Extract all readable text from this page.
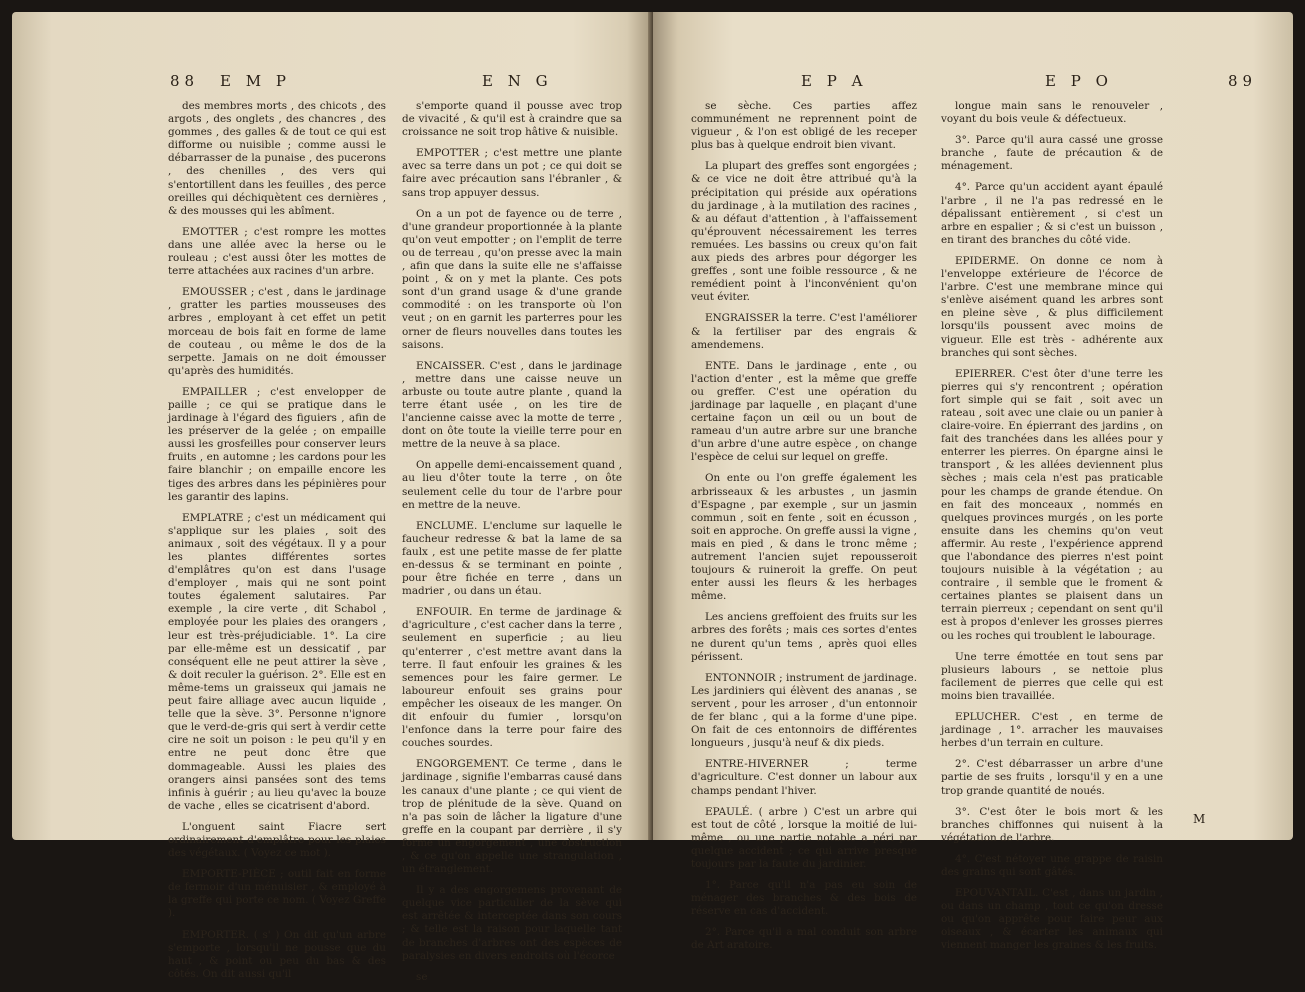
88 E M P	E N G

des membres morts , des chicots , des argots , des onglets , des chancres , des gommes , des galles & de tout ce qui est difforme ou nuisible ; comme aussi le débarrasser de la punaise , des pucerons , des chenilles , des vers qui s'entortillent dans les feuilles , des perce oreilles qui déchiquètent ces dernières , & des mousses qui les abîment.

EMOTTER ; c'est rompre les mottes dans une allée avec la herse ou le rouleau ; c'est aussi ôter les mottes de terre attachées aux racines d'un arbre.

EMOUSSER ; c'est , dans le jardinage , gratter les parties mousseuses des arbres , employant à cet effet un petit morceau de bois fait en forme de lame de couteau , ou même le dos de la serpette. Jamais on ne doit émousser qu'après des humidités.

EMPAILLER ; c'est envelopper de paille ; ce qui se pratique dans le jardinage à l'égard des figuiers , afin de les préserver de la gelée ; on empaille aussi les grosfeilles pour conserver leurs fruits , en automne ; les cardons pour les faire blanchir ; on empaille encore les tiges des arbres dans les pépinières pour les garantir des lapins.

EMPLATRE ; c'est un médicament qui s'applique sur les plaies , soit des animaux , soit des végétaux. Il y a pour les plantes différentes sortes d'emplâtres qu'on est dans l'usage d'employer , mais qui ne sont point toutes également salutaires. Par exemple , la cire verte , dit Schabol , employée pour les plaies des orangers , leur est très-préjudiciable. 1°. La cire par elle-même est un dessicatif , par conséquent elle ne peut attirer la sève , & doit reculer la guérison. 2°. Elle est en même-tems un graisseux qui jamais ne peut faire alliage avec aucun liquide , telle que la sève. 3°. Personne n'ignore que le verd-de-gris qui sert à verdir cette cire ne soit un poison : le peu qu'il y en entre ne peut donc être que dommageable. Aussi les plaies des orangers ainsi pansées sont des tems infinis à guérir ; au lieu qu'avec la bouze de vache , elles se cicatrisent d'abord.

L'onguent saint Fiacre sert ordinairement d'emplâtre pour les plaies des végétaux. ( Voyez ce mot ).

EMPORTE-PIÈCE ; outil fait en forme de fermoir d'un ménuisier , & employé à la greffe qui porte ce nom. ( Voyez Greffe ).

EMPORTER. ( s' ) On dit qu'un arbre s'emporte , lorsqu'il ne pousse que du haut , & point ou peu du bas & des côtés. On dit aussi qu'il

s'emporte quand il pousse avec trop de vivacité , & qu'il est à craindre que sa croissance ne soit trop hâtive & nuisible.

EMPOTTER ; c'est mettre une plante avec sa terre dans un pot ; ce qui doit se faire avec précaution sans l'ébranler , & sans trop appuyer dessus.

On a un pot de fayence ou de terre , d'une grandeur proportionnée à la plante qu'on veut empotter ; on l'emplit de terre ou de terreau , qu'on presse avec la main , afin que dans la suite elle ne s'affaisse point , & on y met la plante. Ces pots sont d'un grand usage & d'une grande commodité : on les transporte où l'on veut ; on en garnit les parterres pour les orner de fleurs nouvelles dans toutes les saisons.

ENCAISSER. C'est , dans le jardinage , mettre dans une caisse neuve un arbuste ou toute autre plante , quand la terre étant usée , on les tire de l'ancienne caisse avec la motte de terre , dont on ôte toute la vieille terre pour en mettre de la neuve à sa place.

On appelle demi-encaissement quand , au lieu d'ôter toute la terre , on ôte seulement celle du tour de l'arbre pour en mettre de la neuve.

ENCLUME. L'enclume sur laquelle le faucheur redresse & bat la lame de sa faulx , est une petite masse de fer platte en-dessus & se terminant en pointe , pour être fichée en terre , dans un madrier , ou dans un étau.

ENFOUIR. En terme de jardinage & d'agriculture , c'est cacher dans la terre , seulement en superficie ; au lieu qu'enterrer , c'est mettre avant dans la terre. Il faut enfouir les graines & les semences pour les faire germer. Le laboureur enfouit ses grains pour empêcher les oiseaux de les manger. On dit enfouir du fumier , lorsqu'on l'enfonce dans la terre pour faire des couches sourdes.

ENGORGEMENT. Ce terme , dans le jardinage , signifie l'embarras causé dans les canaux d'une plante ; ce qui vient de trop de plénitude de la sève. Quand on n'a pas soin de lâcher la ligature d'une greffe en la coupant par derrière , il s'y forme un engorgement , une obstruction , & ce qu'on appelle une strangulation , un étranglement.

Il y a des engorgemens provenant de quelque vice particulier de la sève qui est arrêtée & interceptée dans son cours ; & telle est la raison pour laquelle tant de branches d'arbres ont des espèces de paralysies en divers endroits où l'écorce

se

E P A	E P O	89

se sèche. Ces parties affez communément ne reprennent point de vigueur , & l'on est obligé de les receper plus bas à quelque endroit bien vivant.

La plupart des greffes sont engorgées ; & ce vice ne doit être attribué qu'à la précipitation qui préside aux opérations du jardinage , à la mutilation des racines , & au défaut d'attention , à l'affaissement qu'éprouvent nécessairement les terres remuées. Les bassins ou creux qu'on fait aux pieds des arbres pour dégorger les greffes , sont une foible ressource , & ne remédient point à l'inconvénient qu'on veut éviter.

ENGRAISSER la terre. C'est l'améliorer & la fertiliser par des engrais & amendemens.

ENTE. Dans le jardinage , ente , ou l'action d'enter , est la même que greffe ou greffer. C'est une opération du jardinage par laquelle , en plaçant d'une certaine façon un œil ou un bout de rameau d'un autre arbre sur une branche d'un arbre d'une autre espèce , on change l'espèce de celui sur lequel on greffe.

On ente ou l'on greffe également les arbrisseaux & les arbustes , un jasmin d'Espagne , par exemple , sur un jasmin commun , soit en fente , soit en écusson , soit en approche. On greffe aussi la vigne , mais en pied , & dans le tronc même ; autrement l'ancien sujet repousseroit toujours & ruineroit la greffe. On peut enter aussi les fleurs & les herbages même.

Les anciens greffoient des fruits sur les arbres des forêts ; mais ces sortes d'entes ne durent qu'un tems , après quoi elles périssent.

ENTONNOIR ; instrument de jardinage. Les jardiniers qui élèvent des ananas , se servent , pour les arroser , d'un entonnoir de fer blanc , qui a la forme d'une pipe. On fait de ces entonnoirs de différentes longueurs , jusqu'à neuf & dix pieds.

ENTRE-HIVERNER ; terme d'agriculture. C'est donner un labour aux champs pendant l'hiver.

EPAULÉ. ( arbre ) C'est un arbre qui est tout de côté , lorsque la moitié de lui-même , ou une partie notable a péri par quelque accident ; ce qui arrive presque toujours par la faute du jardinier.

1°. Parce qu'il n'a pas eu soin de ménager des branches & des bois de réserve en cas d'accident.

2°. Parce qu'il a mal conduit son arbre de Art aratoire.

longue main sans le renouveler , voyant du bois veule & défectueux.

3°. Parce qu'il aura cassé une grosse branche , faute de précaution & de ménagement.

4°. Parce qu'un accident ayant épaulé l'arbre , il ne l'a pas redressé en le dépalissant entièrement , si c'est un arbre en espalier ; & si c'est un buisson , en tirant des branches du côté vide.

EPIDERME. On donne ce nom à l'enveloppe extérieure de l'écorce de l'arbre. C'est une membrane mince qui s'enlève aisément quand les arbres sont en pleine sève , & plus difficilement lorsqu'ils poussent avec moins de vigueur. Elle est très - adhérente aux branches qui sont sèches.

EPIERRER. C'est ôter d'une terre les pierres qui s'y rencontrent ; opération fort simple qui se fait , soit avec un rateau , soit avec une claie ou un panier à claire-voire. En épierrant des jardins , on fait des tranchées dans les allées pour y enterrer les pierres. On épargne ainsi le transport , & les allées deviennent plus sèches ; mais cela n'est pas praticable pour les champs de grande étendue. On en fait des monceaux , nommés en quelques provinces murgés , on les porte ensuite dans les chemins qu'on veut affermir. Au reste , l'expérience apprend que l'abondance des pierres n'est point toujours nuisible à la végétation ; au contraire , il semble que le froment & certaines plantes se plaisent dans un terrain pierreux ; cependant on sent qu'il est à propos d'enlever les grosses pierres ou les roches qui troublent le labourage.

Une terre émottée en tout sens par plusieurs labours , se nettoie plus facilement de pierres que celle qui est moins bien travaillée.

EPLUCHER. C'est , en terme de jardinage , 1°. arracher les mauvaises herbes d'un terrain en culture.

2°. C'est débarrasser un arbre d'une partie de ses fruits , lorsqu'il y en a une trop grande quantité de noués.

3°. C'est ôter le bois mort & les branches chiffonnes qui nuisent à la végétation de l'arbre.

4°. C'est nétoyer une grappe de raisin des grains qui sont gâtés.

EPOUVANTAIL. C'est , dans un jardin , ou dans un champ , tout ce qu'on dresse ou qu'on apprête pour faire peur aux oiseaux , & écarter les animaux qui viennent manger les graines & les fruits.

M
